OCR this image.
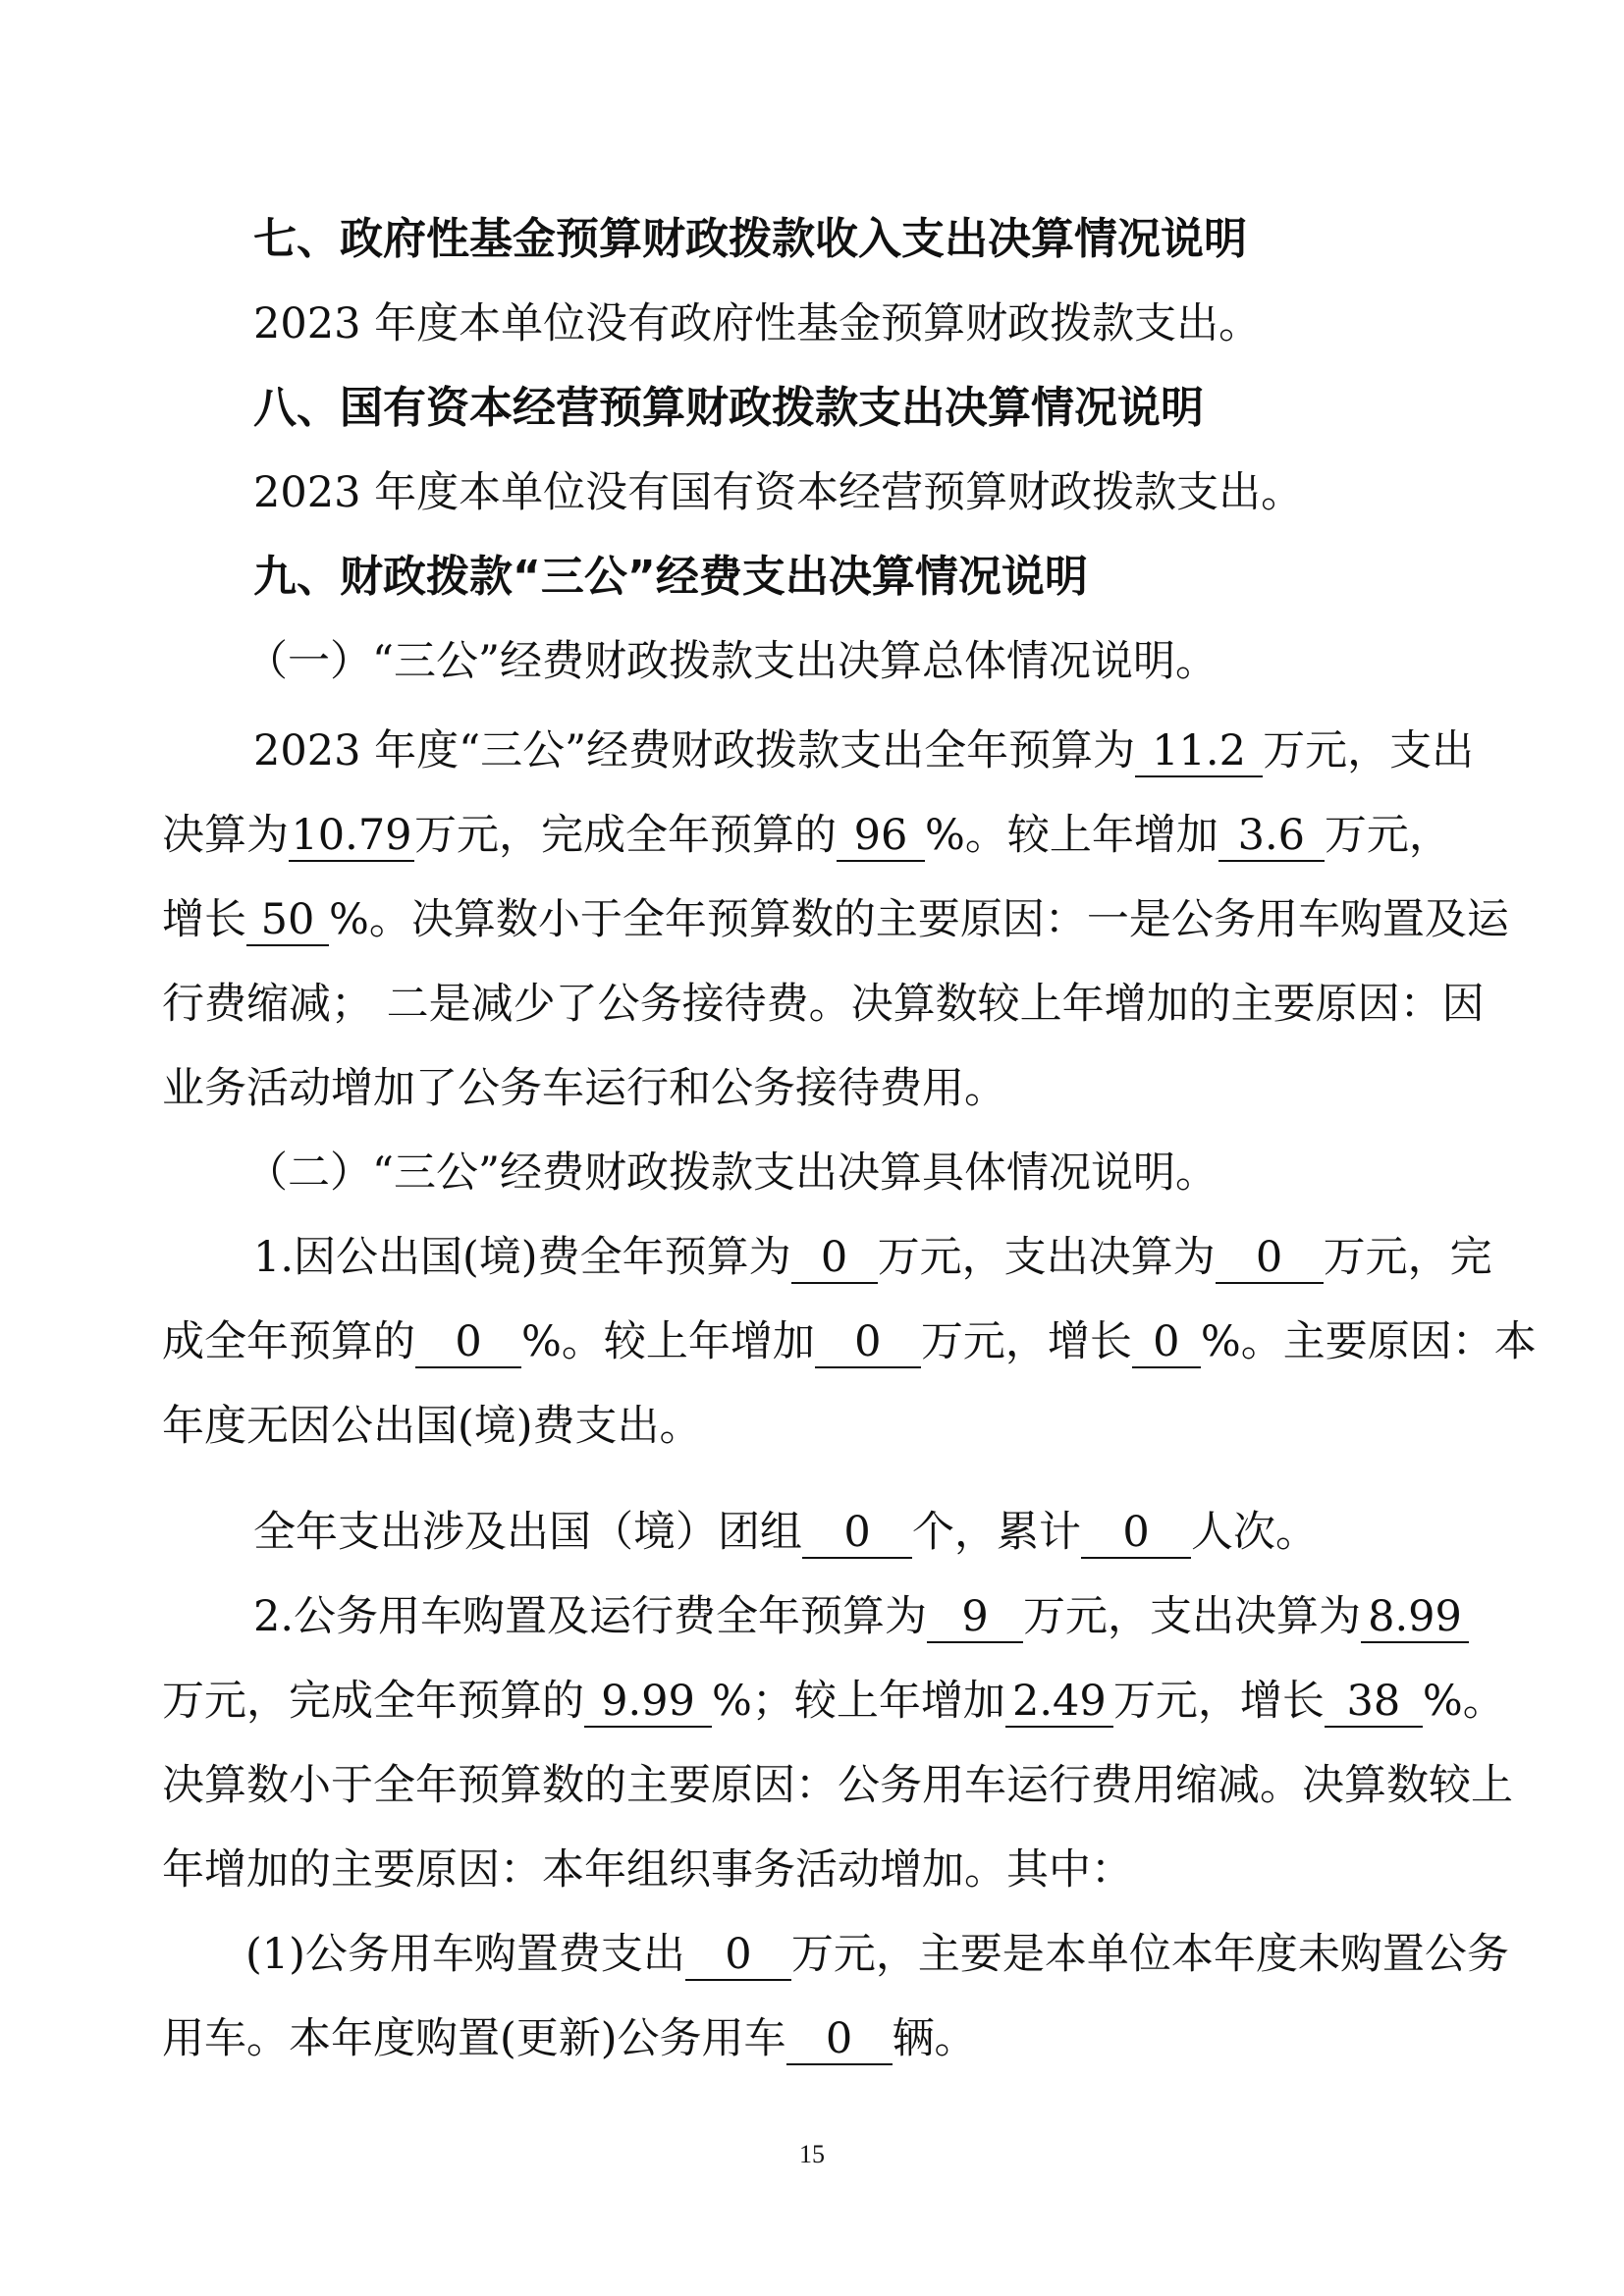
七、政府性基金预算财政拨款收入支出决算情况说明
2023 年度本单位没有政府性基金预算财政拨款支出。
八、国有资本经营预算财政拨款支出决算情况说明
2023 年度本单位没有国有资本经营预算财政拨款支出。
九、财政拨款“三公”经费支出决算情况说明
（一）“三公”经费财政拨款支出决算总体情况说明。
2023 年度“三公”经费财政拨款支出全年预算为 11.2 万元，支出
决算为10.79万元，完成全年预算的 96 %。较上年增加 3.6 万元，
增长 50 %。决算数小于全年预算数的主要原因：一是公务用车购置及运
行费缩减； 二是减少了公务接待费。决算数较上年增加的主要原因：因
业务活动增加了公务车运行和公务接待费用。
（二）“三公”经费财政拨款支出决算具体情况说明。
1.因公出国(境)费全年预算为 0 万元，支出决算为 0 万元，完
成全年预算的 0 %。较上年增加 0 万元，增长 0 %。主要原因：本
年度无因公出国(境)费支出。
全年支出涉及出国（境）团组 0 个，累计 0 人次。
2.公务用车购置及运行费全年预算为 9 万元，支出决算为 8.99
万元，完成全年预算的 9.99 %；较上年增加 2.49 万元，增长 38 %。
决算数小于全年预算数的主要原因：公务用车运行费用缩减。决算数较上
年增加的主要原因：本年组织事务活动增加。其中：
(1)公务用车购置费支出 0 万元，主要是本单位本年度未购置公务
用车。本年度购置(更新)公务用车 0 辆。
15
